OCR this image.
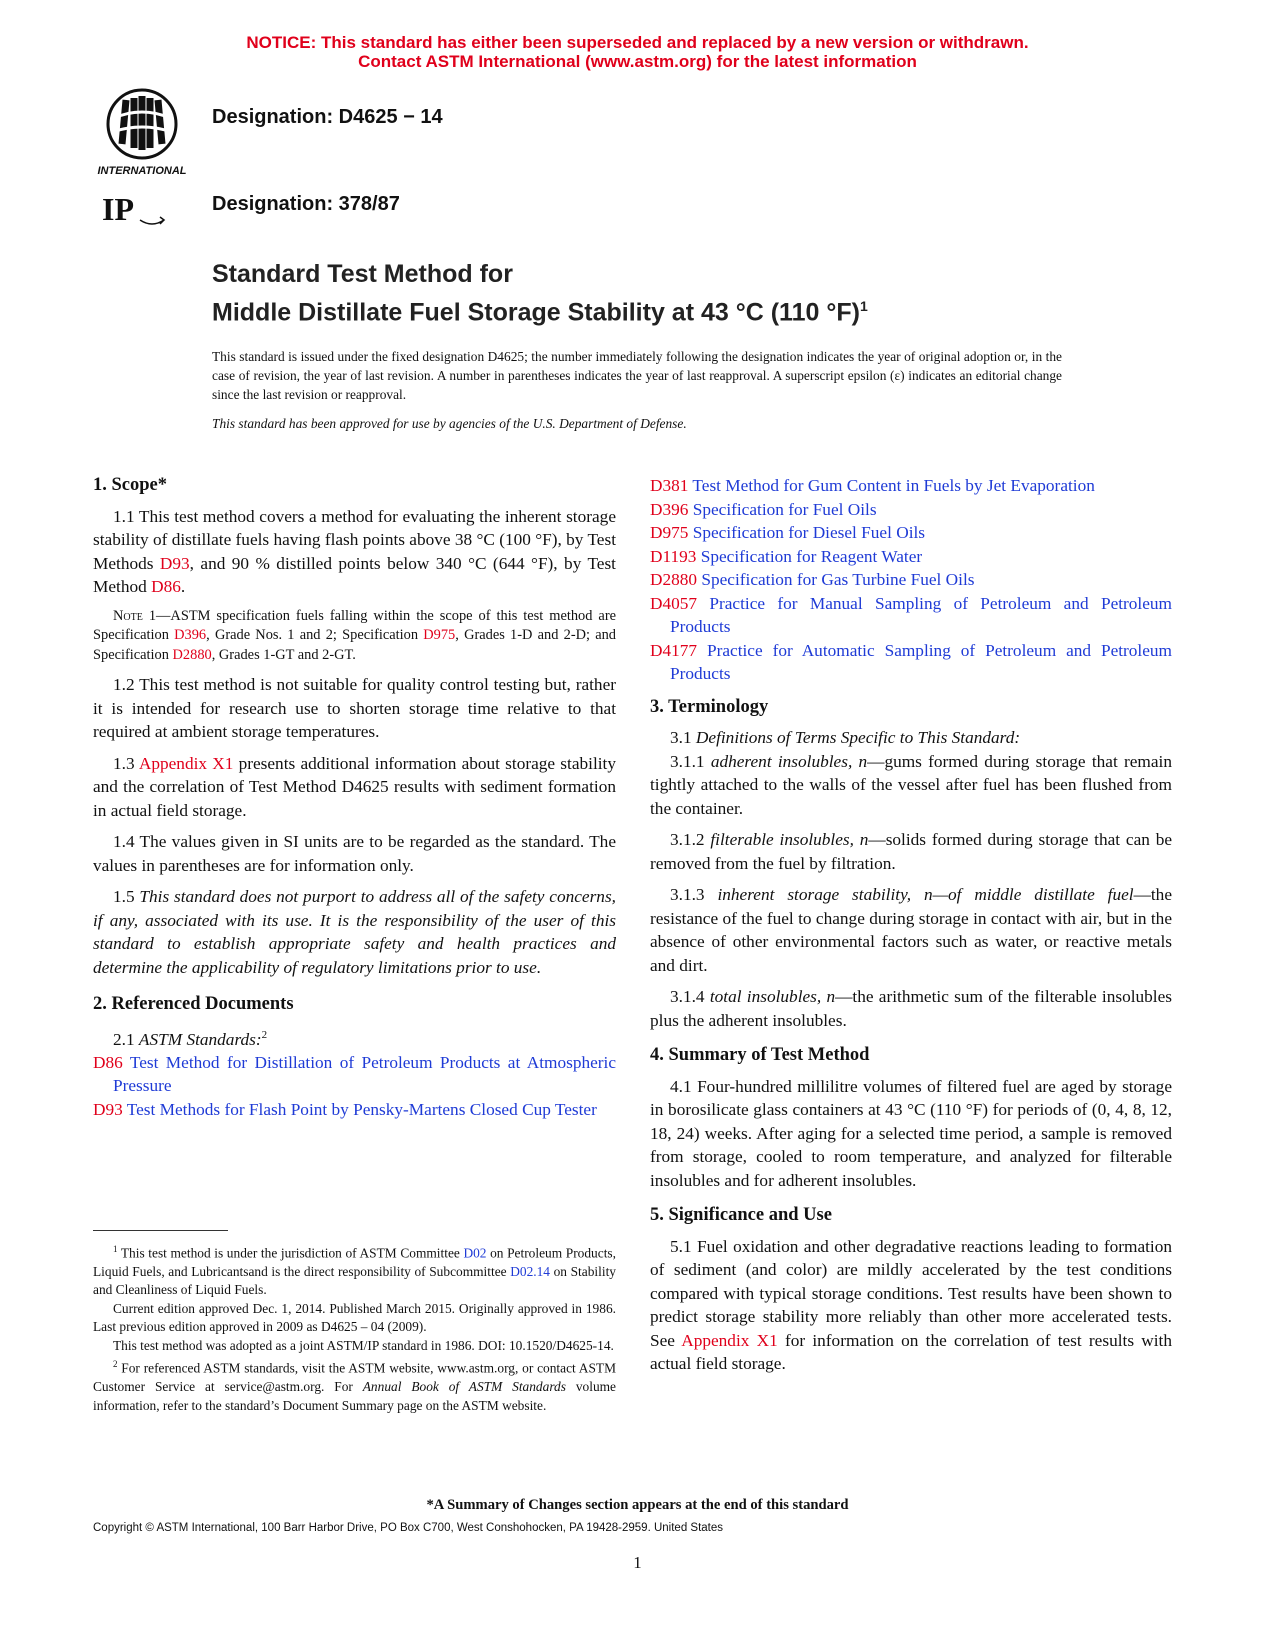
NOTICE: This standard has either been superseded and replaced by a new version or withdrawn.
Contact ASTM International (www.astm.org) for the latest information
INTERNATIONAL
IP
Designation: D4625 − 14
Designation: 378/87
Standard Test Method for
Middle Distillate Fuel Storage Stability at 43 °C (110 °F)$^1$
This standard is issued under the fixed designation D4625; the number immediately following the designation indicates the year of original adoption or, in the case of revision, the year of last revision. A number in parentheses indicates the year of last reapproval. A superscript epsilon (ε) indicates an editorial change since the last revision or reapproval.
This standard has been approved for use by agencies of the U.S. Department of Defense.
1. Scope*

1.1 This test method covers a method for evaluating the inherent storage stability of distillate fuels having flash points above 38 °C (100 °F), by Test Methods D93, and 90 % distilled points below 340 °C (644 °F), by Test Method D86.

Note 1—ASTM specification fuels falling within the scope of this test method are Specification D396, Grade Nos. 1 and 2; Specification D975, Grades 1-D and 2-D; and Specification D2880, Grades 1-GT and 2-GT.

1.2 This test method is not suitable for quality control testing but, rather it is intended for research use to shorten storage time relative to that required at ambient storage temperatures.

1.3 Appendix X1 presents additional information about storage stability and the correlation of Test Method D4625 results with sediment formation in actual field storage.

1.4 The values given in SI units are to be regarded as the standard. The values in parentheses are for information only.

1.5 This standard does not purport to address all of the safety concerns, if any, associated with its use. It is the responsibility of the user of this standard to establish appropriate safety and health practices and determine the applicability of regulatory limitations prior to use.

2. Referenced Documents

2.1 ASTM Standards:$^2$

D86 Test Method for Distillation of Petroleum Products at Atmospheric Pressure
D93 Test Methods for Flash Point by Pensky-Martens Closed Cup Tester

$^1$ This test method is under the jurisdiction of ASTM Committee D02 on Petroleum Products, Liquid Fuels, and Lubricantsand is the direct responsibility of Subcommittee D02.14 on Stability and Cleanliness of Liquid Fuels.

Current edition approved Dec. 1, 2014. Published March 2015. Originally approved in 1986. Last previous edition approved in 2009 as D4625 – 04 (2009).

This test method was adopted as a joint ASTM/IP standard in 1986. DOI: 10.1520/D4625-14.

$^2$ For referenced ASTM standards, visit the ASTM website, www.astm.org, or contact ASTM Customer Service at service@astm.org. For Annual Book of ASTM Standards volume information, refer to the standard’s Document Summary page on the ASTM website.

D381 Test Method for Gum Content in Fuels by Jet Evaporation
D396 Specification for Fuel Oils
D975 Specification for Diesel Fuel Oils
D1193 Specification for Reagent Water
D2880 Specification for Gas Turbine Fuel Oils
D4057 Practice for Manual Sampling of Petroleum and Petroleum Products
D4177 Practice for Automatic Sampling of Petroleum and Petroleum Products
3. Terminology

3.1 Definitions of Terms Specific to This Standard:

3.1.1 adherent insolubles, n—gums formed during storage that remain tightly attached to the walls of the vessel after fuel has been flushed from the container.

3.1.2 filterable insolubles, n—solids formed during storage that can be removed from the fuel by filtration.

3.1.3 inherent storage stability, n—of middle distillate fuel—the resistance of the fuel to change during storage in contact with air, but in the absence of other environmental factors such as water, or reactive metals and dirt.

3.1.4 total insolubles, n—the arithmetic sum of the filterable insolubles plus the adherent insolubles.

4. Summary of Test Method

4.1 Four-hundred millilitre volumes of filtered fuel are aged by storage in borosilicate glass containers at 43 °C (110 °F) for periods of (0, 4, 8, 12, 18, 24) weeks. After aging for a selected time period, a sample is removed from storage, cooled to room temperature, and analyzed for filterable insolubles and for adherent insolubles.

5. Significance and Use

5.1 Fuel oxidation and other degradative reactions leading to formation of sediment (and color) are mildly accelerated by the test conditions compared with typical storage conditions. Test results have been shown to predict storage stability more reliably than other more accelerated tests. See Appendix X1 for information on the correlation of test results with actual field storage.

*A Summary of Changes section appears at the end of this standard
Copyright © ASTM International, 100 Barr Harbor Drive, PO Box C700, West Conshohocken, PA 19428-2959. United States
1
